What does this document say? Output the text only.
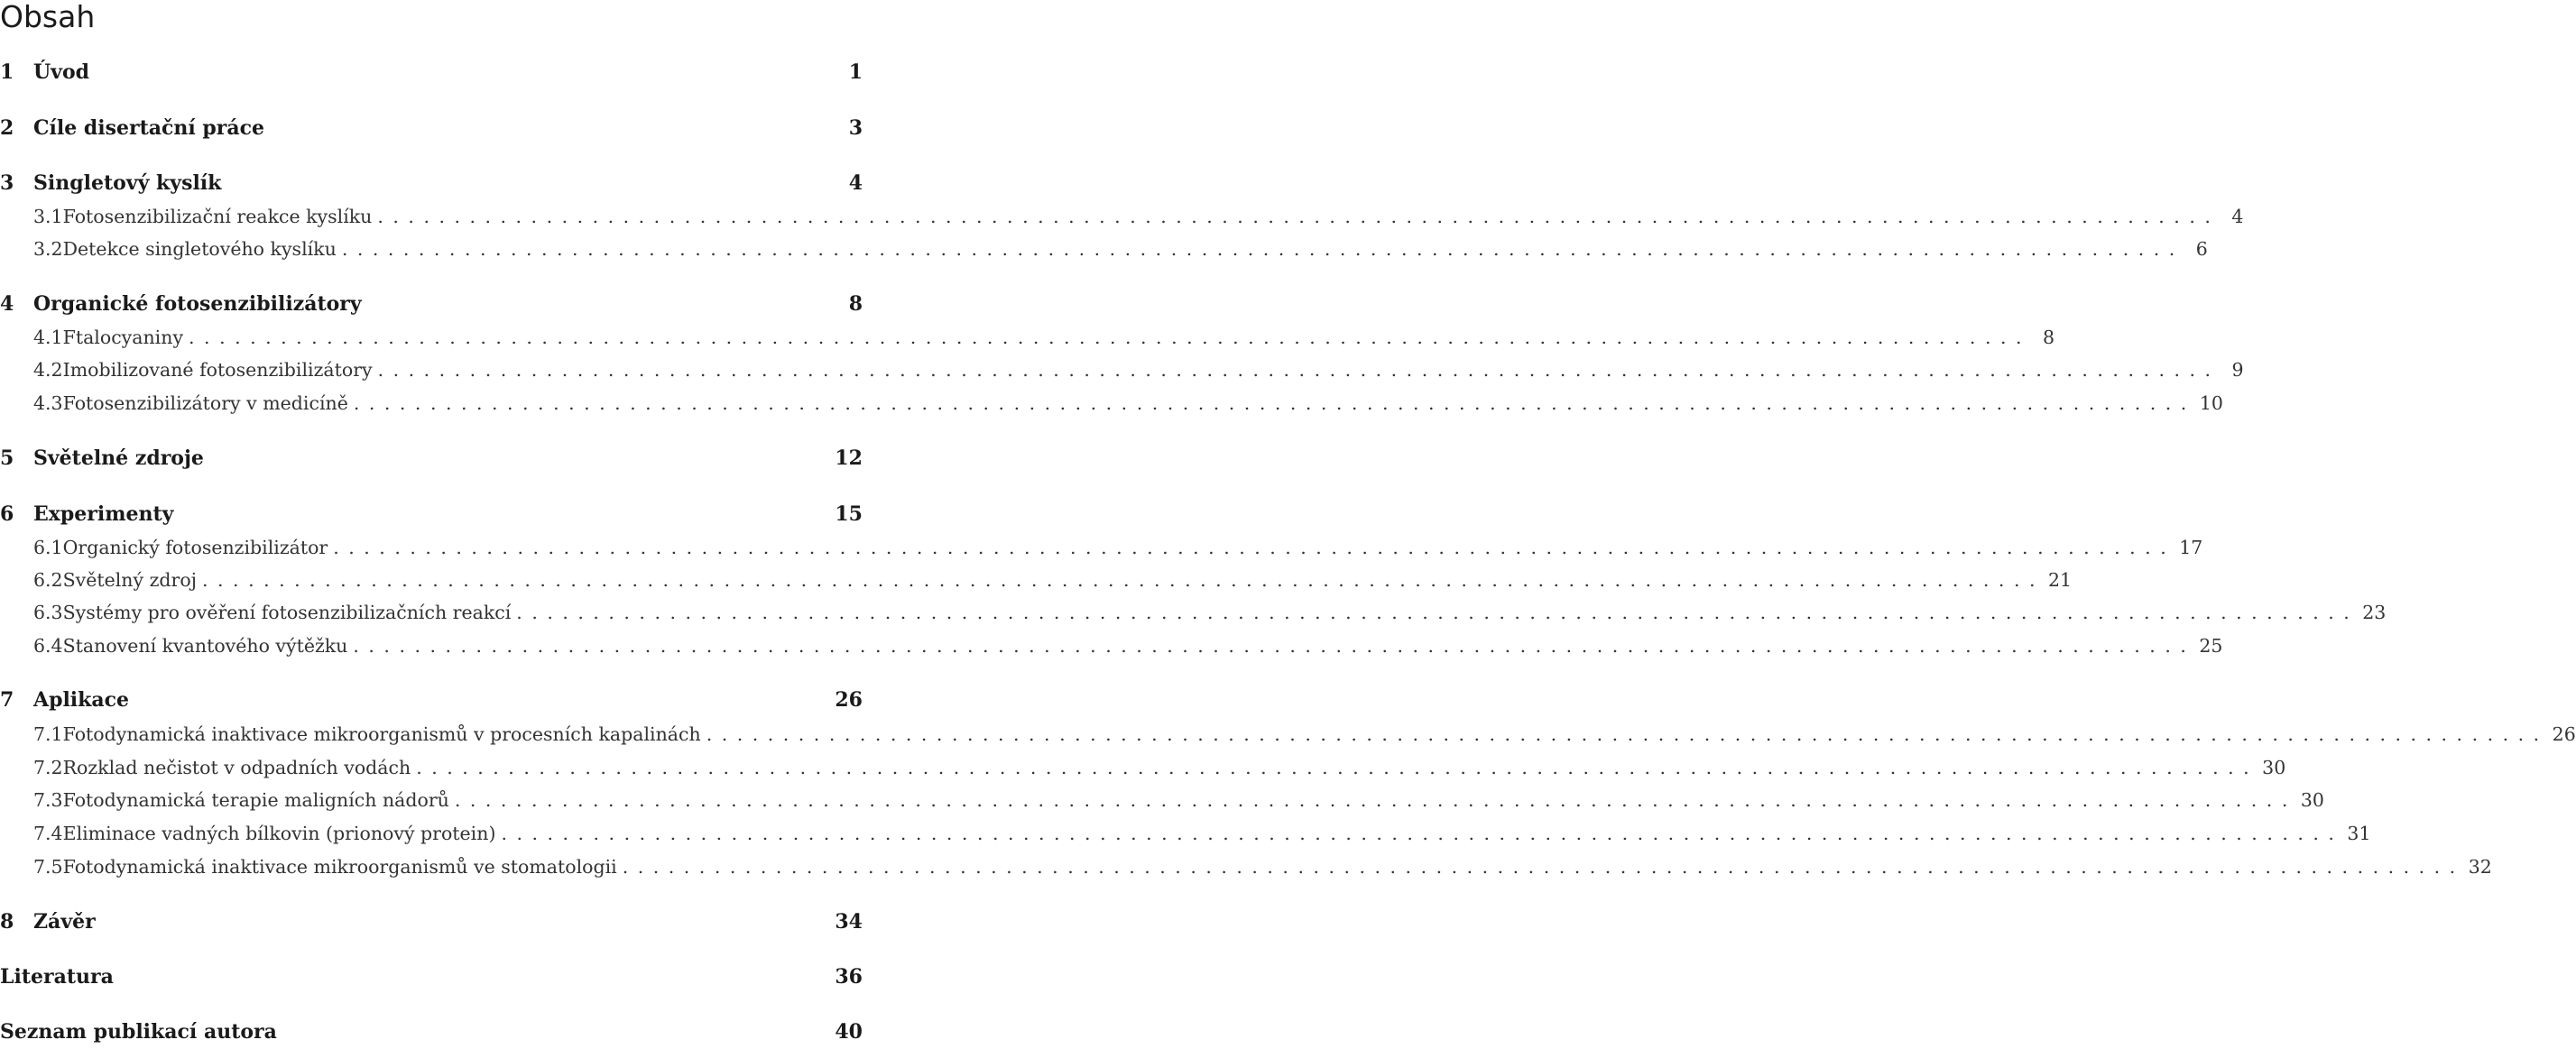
Obsah
1 Úvod	1
2 Cíle disertační práce	3
3 Singletový kyslík	4
3.1 Fotosenzibilizační reakce kyslíku ........................................................................................................................ 4
3.2 Detekce singletového kyslíku ........................................................................................................................ 6
4 Organické fotosenzibilizátory	8
4.1 Ftalocyaniny ........................................................................................................................ 8
4.2 Imobilizované fotosenzibilizátory ........................................................................................................................ 9
4.3 Fotosenzibilizátory v medicíně ........................................................................................................................ 10
5 Světelné zdroje	12
6 Experimenty	15
6.1 Organický fotosenzibilizátor ........................................................................................................................ 17
6.2 Světelný zdroj ........................................................................................................................ 21
6.3 Systémy pro ověření fotosenzibilizačních reakcí ........................................................................................................................ 23
6.4 Stanovení kvantového výtěžku ........................................................................................................................ 25
7 Aplikace	26
7.1 Fotodynamická inaktivace mikroorganismů v procesních kapalinách ........................................................................................................................ 26
7.2 Rozklad nečistot v odpadních vodách ........................................................................................................................ 30
7.3 Fotodynamická terapie maligních nádorů ........................................................................................................................ 30
7.4 Eliminace vadných bílkovin (prionový protein) ........................................................................................................................ 31
7.5 Fotodynamická inaktivace mikroorganismů ve stomatologii ........................................................................................................................ 32
8 Závěr	34
Literatura	36
Seznam publikací autora	40
